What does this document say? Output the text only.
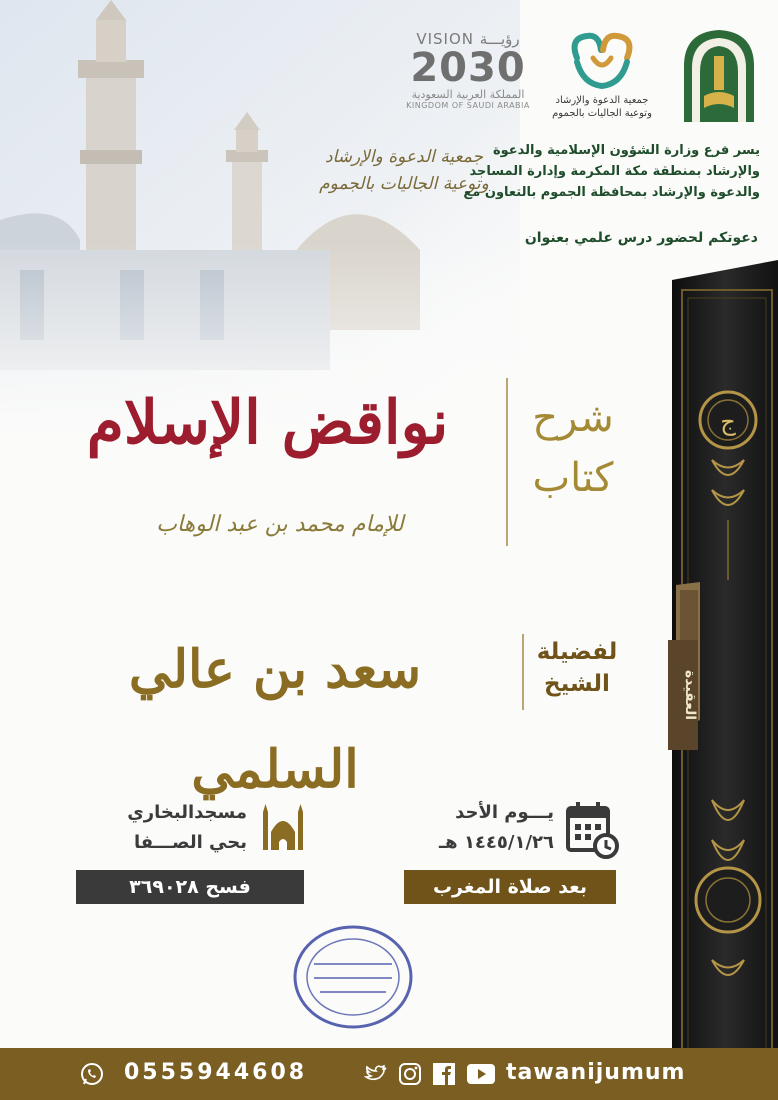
VISION رؤيـــة
2030
المملكة العربية السعودية
KINGDOM OF SAUDI ARABIA	جمعية الدعوة والإرشاد
وتوعية الجاليات بالجموم
جمعية الدعوة والإرشاد
وتوعية الجاليات بالجموم
يسر فرع وزارة الشؤون الإسلامية والدعوة
والإرشاد بمنطقة مكة المكرمة وإدارة المساجد
والدعوة والإرشاد بمحافظة الجموم بالتعاون مع
دعوتكم لحضور درس علمي بعنوان
ج
العقيدة
شرح
كتاب
نواقض الإسلام
للإمام محمد بن عبد الوهاب
لفضيلة
الشيخ
سعد بن عالي السلمي
يـــوم الأحد
١٤٤٥/١/٢٦ هـ
بعد صلاة المغرب
مسجدالبخاري
بحي الصـــفا
فسح ٣٦٩٠٢٨
0555944608	tawanijumum
